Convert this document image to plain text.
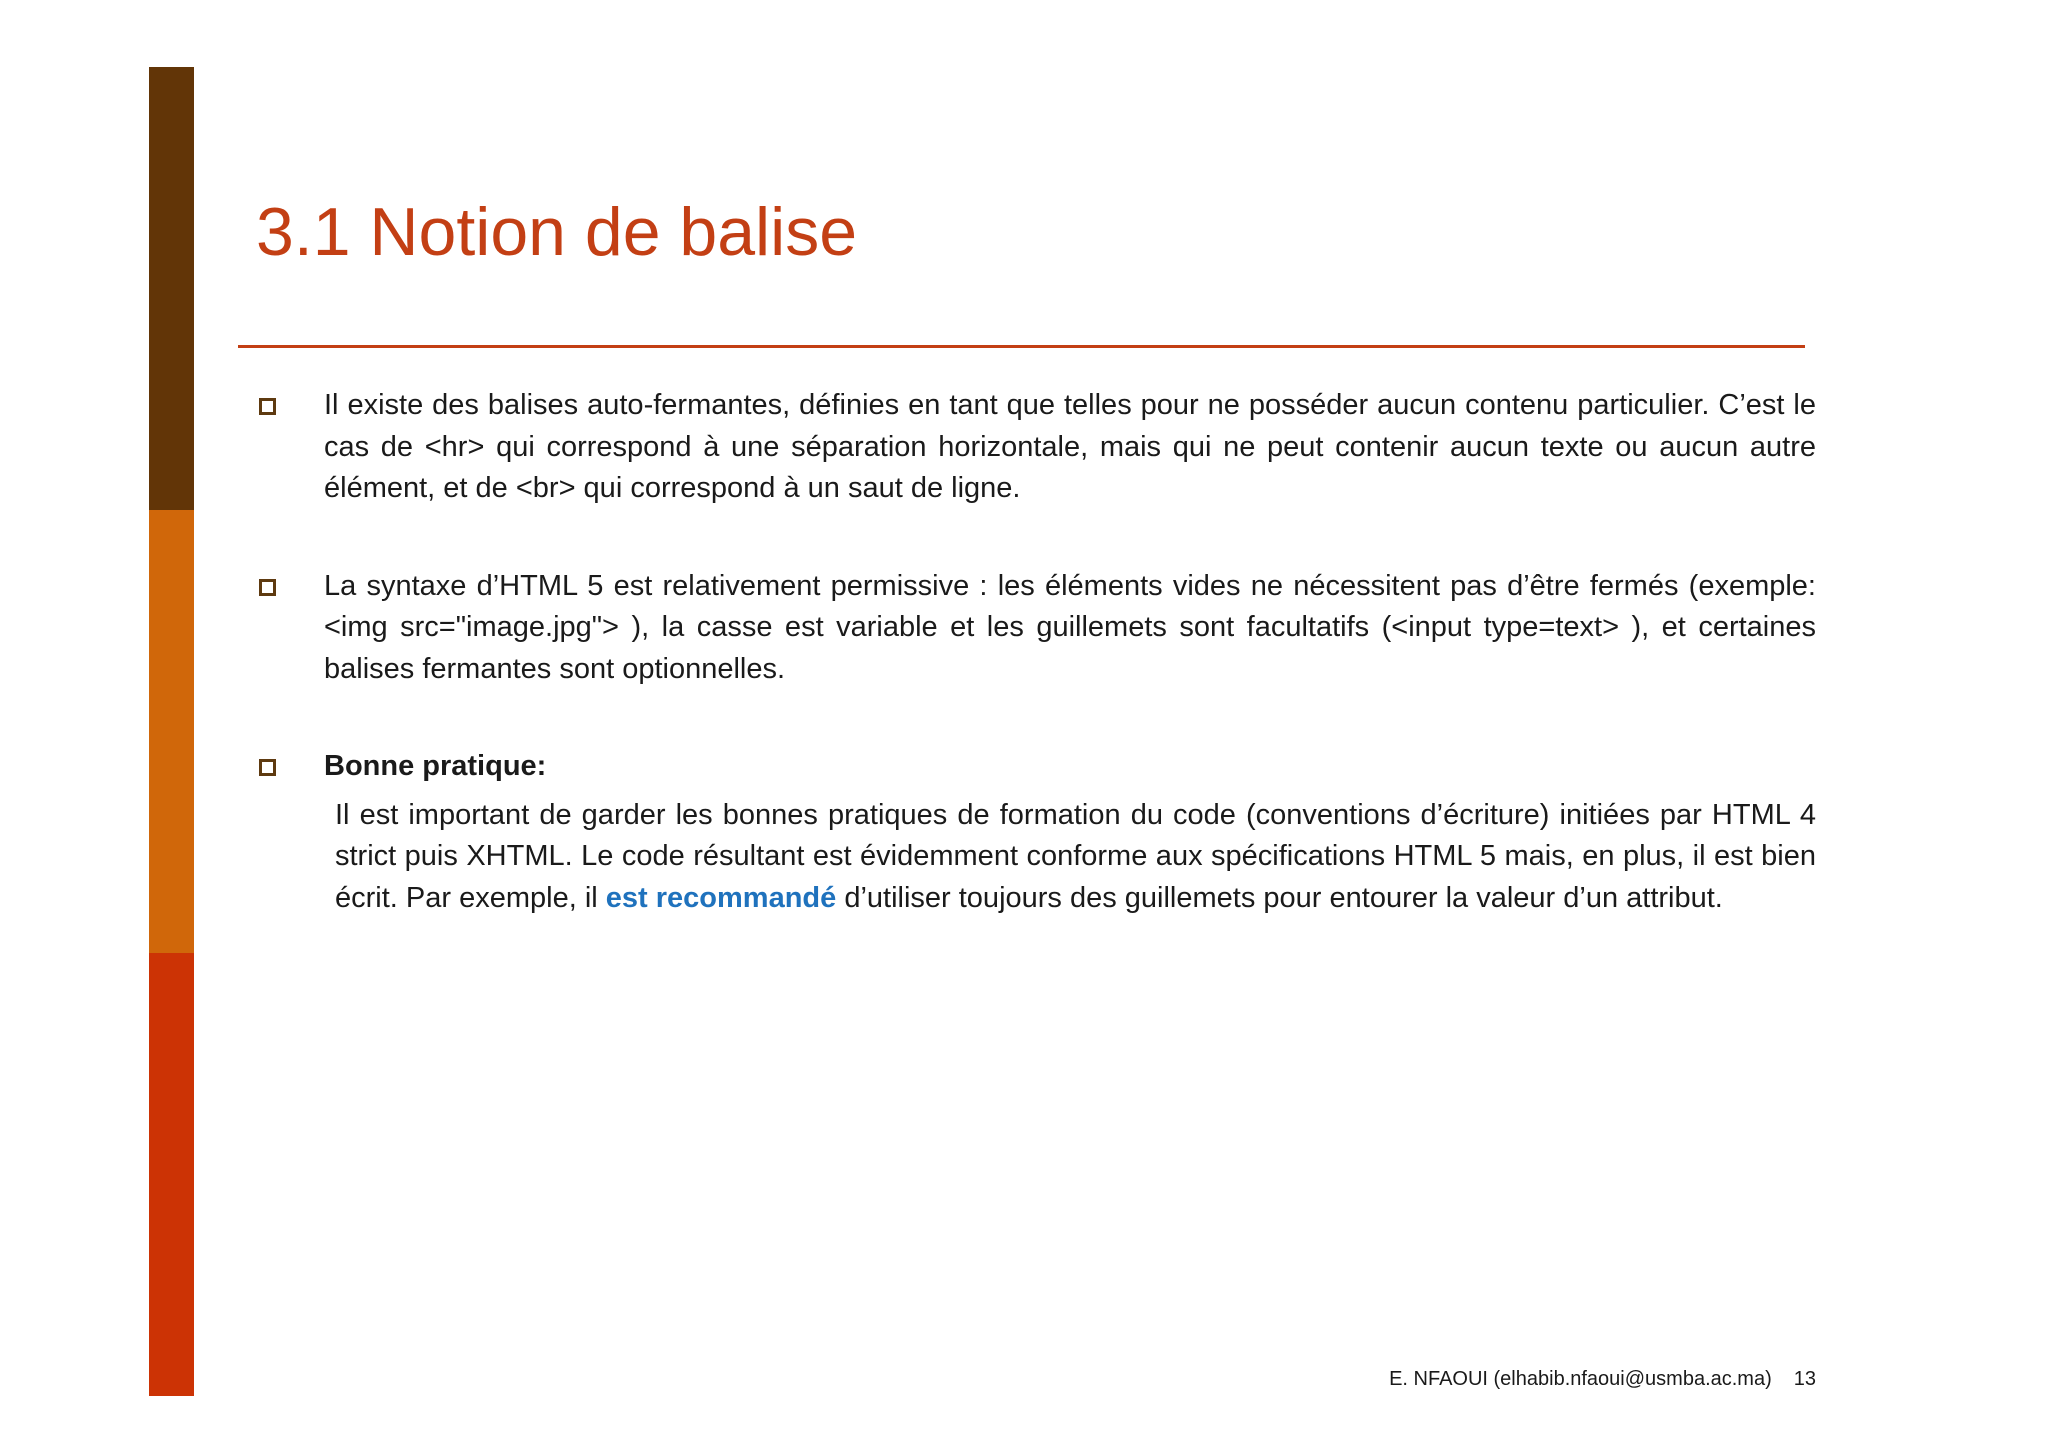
3.1 Notion de balise

Il existe des balises auto-fermantes, définies en tant que telles pour ne posséder aucun contenu particulier. C’est le cas de <hr> qui correspond à une séparation horizontale, mais qui ne peut contenir aucun texte ou aucun autre élément, et de <br> qui correspond à un saut de ligne.

La syntaxe d’HTML 5 est relativement permissive : les éléments vides ne nécessitent pas d’être fermés (exemple: <img src="image.jpg"> ), la casse est variable et les guillemets sont facultatifs (<input type=text> ), et certaines balises fermantes sont optionnelles.

Bonne pratique:

Il est important de garder les bonnes pratiques de formation du code (conventions d’écriture) initiées par HTML 4 strict puis XHTML. Le code résultant est évidemment conforme aux spécifications HTML 5 mais, en plus, il est bien écrit. Par exemple, il est recommandé d’utiliser toujours des guillemets pour entourer la valeur d’un attribut.

E. NFAOUI (elhabib.nfaoui@usmba.ac.ma) 13
